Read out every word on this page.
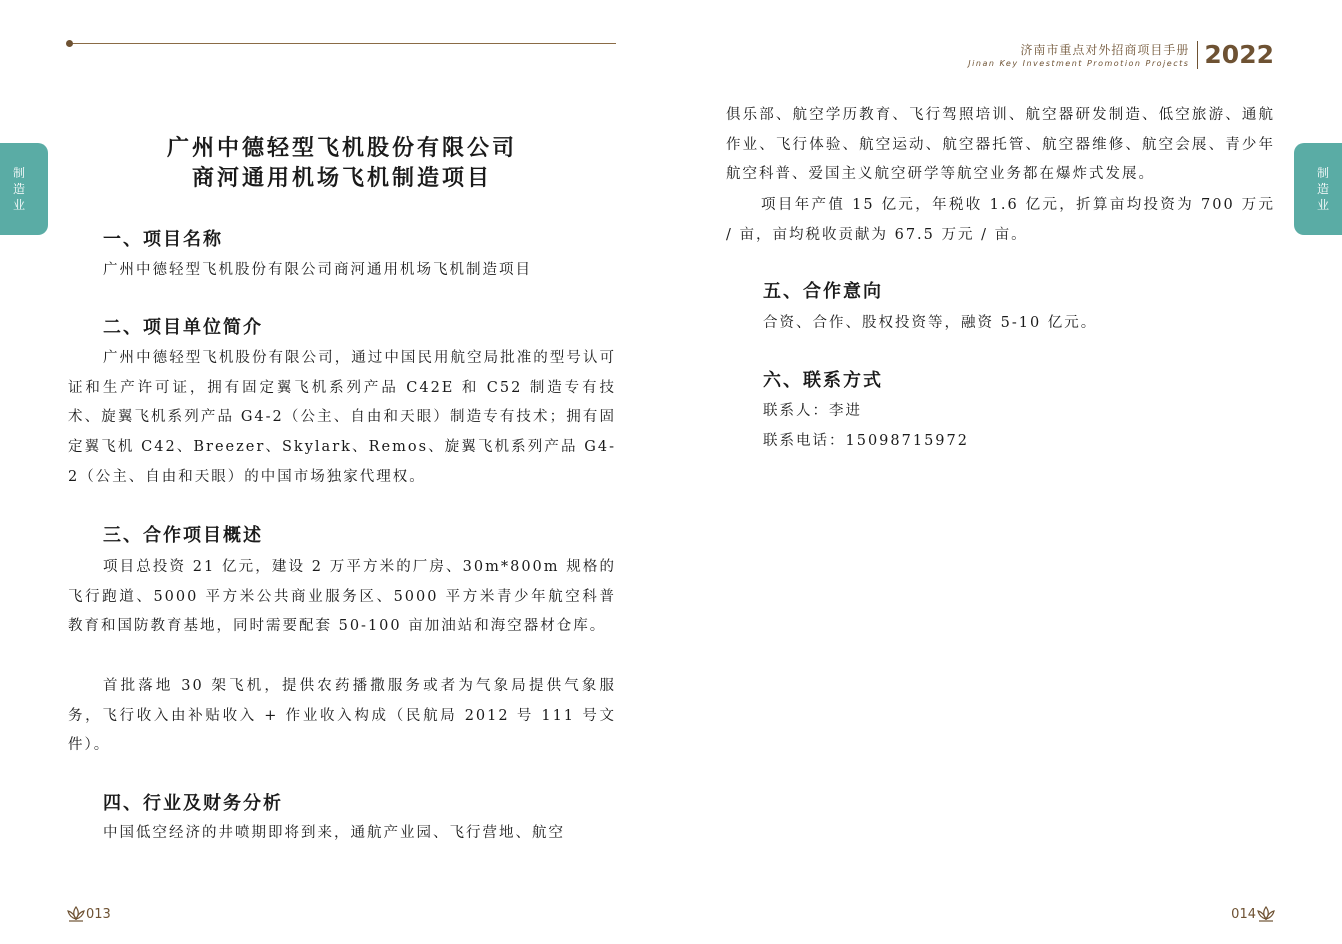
济南市重点对外招商项目手册
Jinan Key Investment Promotion Projects 2022
制
造
业
制
造
业
广州中德轻型飞机股份有限公司
商河通用机场飞机制造项目
一、项目名称
广州中德轻型飞机股份有限公司商河通用机场飞机制造项目
二、项目单位简介
广州中德轻型飞机股份有限公司，通过中国民用航空局批准的型号认可证和生产许可证，拥有固定翼飞机系列产品 C42E 和 C52 制造专有技术、旋翼飞机系列产品 G4-2（公主、自由和天眼）制造专有技术；拥有固定翼飞机 C42、Breezer、Skylark、Remos、旋翼飞机系列产品 G4-2（公主、自由和天眼）的中国市场独家代理权。
三、合作项目概述
项目总投资 21 亿元，建设 2 万平方米的厂房、30m*800m 规格的飞行跑道、5000 平方米公共商业服务区、5000 平方米青少年航空科普教育和国防教育基地，同时需要配套 50-100 亩加油站和海空器材仓库。
首批落地 30 架飞机，提供农药播撒服务或者为气象局提供气象服务，飞行收入由补贴收入 + 作业收入构成（民航局 2012 号 111 号文件）。
四、行业及财务分析
中国低空经济的井喷期即将到来，通航产业园、飞行营地、航空
俱乐部、航空学历教育、飞行驾照培训、航空器研发制造、低空旅游、通航作业、飞行体验、航空运动、航空器托管、航空器维修、航空会展、青少年航空科普、爱国主义航空研学等航空业务都在爆炸式发展。
项目年产值 15 亿元，年税收 1.6 亿元，折算亩均投资为 700 万元 / 亩，亩均税收贡献为 67.5 万元 / 亩。
五、合作意向
合资、合作、股权投资等，融资 5-10 亿元。
六、联系方式
联系人：李进
联系电话：15098715972
013	014
